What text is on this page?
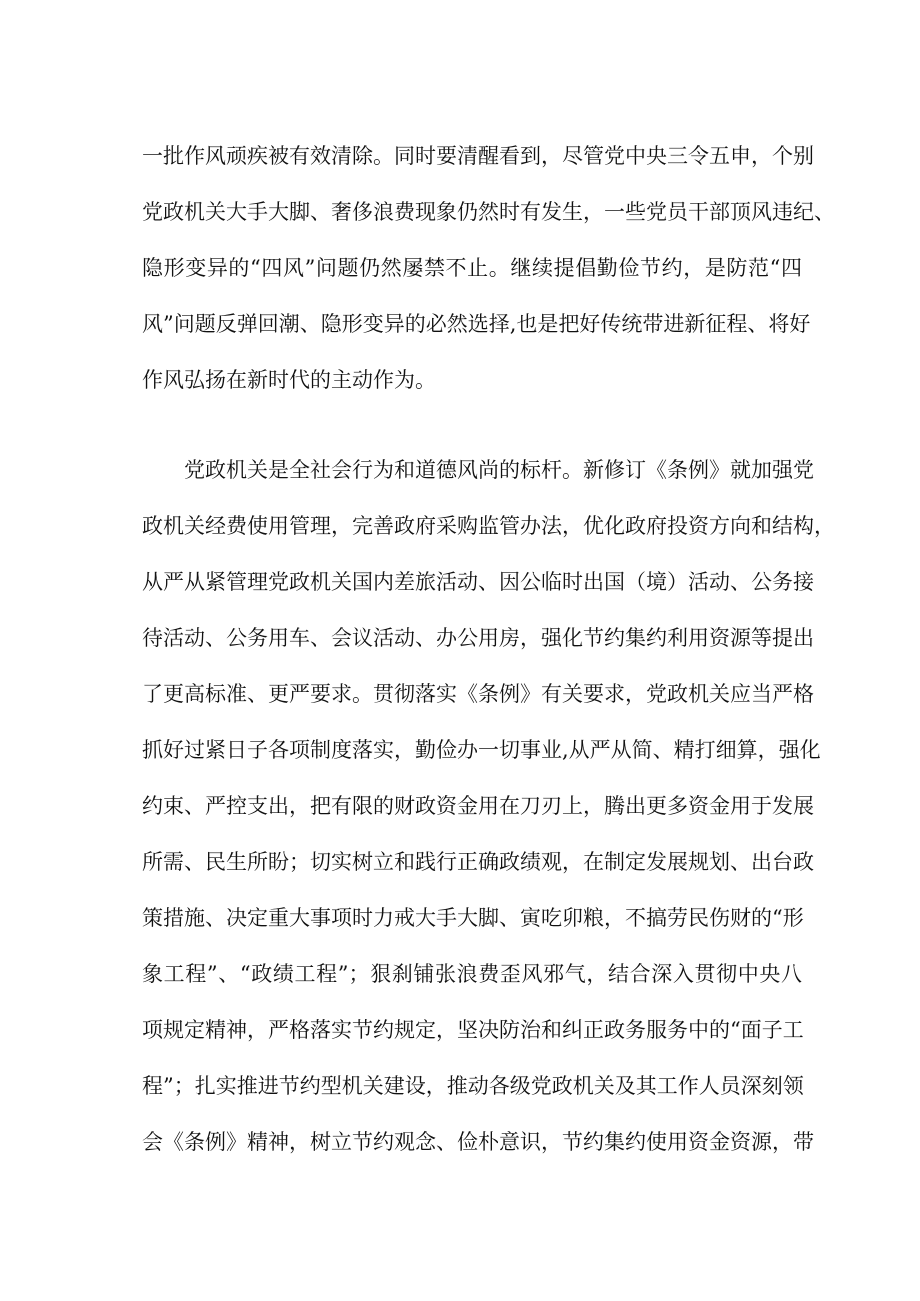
一批作风顽疾被有效清除。同时要清醒看到，尽管党中央三令五申，个别
党政机关大手大脚、奢侈浪费现象仍然时有发生，一些党员干部顶风违纪、
隐形变异的“四风”问题仍然屡禁不止。继续提倡勤俭节约，是防范“四
风”问题反弹回潮、隐形变异的必然选择,也是把好传统带进新征程、将好
作风弘扬在新时代的主动作为。
党政机关是全社会行为和道德风尚的标杆。新修订《条例》就加强党
政机关经费使用管理，完善政府采购监管办法，优化政府投资方向和结构，
从严从紧管理党政机关国内差旅活动、因公临时出国（境）活动、公务接
待活动、公务用车、会议活动、办公用房，强化节约集约利用资源等提出
了更高标准、更严要求。贯彻落实《条例》有关要求，党政机关应当严格
抓好过紧日子各项制度落实，勤俭办一切事业,从严从简、精打细算，强化
约束、严控支出，把有限的财政资金用在刀刃上，腾出更多资金用于发展
所需、民生所盼；切实树立和践行正确政绩观，在制定发展规划、出台政
策措施、决定重大事项时力戒大手大脚、寅吃卯粮，不搞劳民伤财的“形
象工程”、“政绩工程”；狠刹铺张浪费歪风邪气，结合深入贯彻中央八
项规定精神，严格落实节约规定，坚决防治和纠正政务服务中的“面子工
程”；扎实推进节约型机关建设，推动各级党政机关及其工作人员深刻领
会《条例》精神，树立节约观念、俭朴意识，节约集约使用资金资源，带
